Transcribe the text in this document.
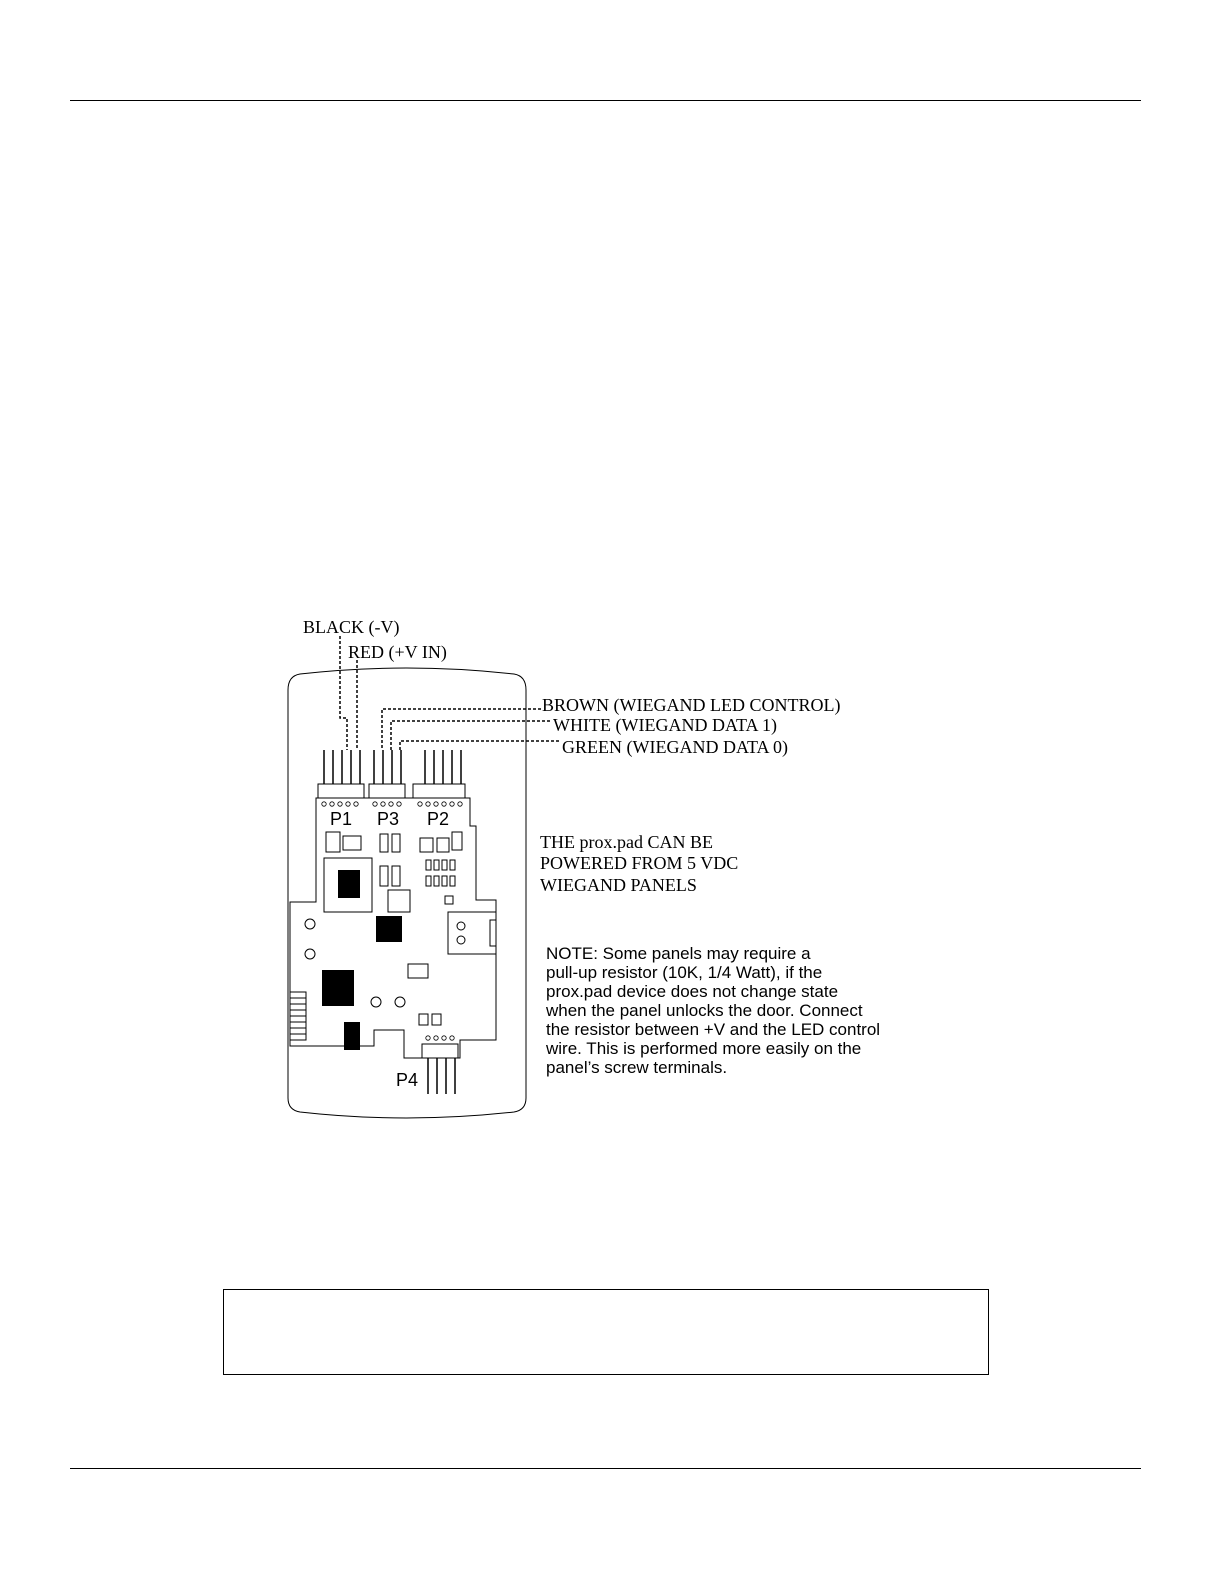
BLACK (-V)
RED (+V IN)
BROWN (WIEGAND LED CONTROL)
WHITE (WIEGAND DATA 1)
GREEN (WIEGAND DATA 0)
P1 P3 P2
P4
THE prox.pad CAN BE
POWERED FROM 5 VDC
WIEGAND PANELS
NOTE: Some panels may require a
pull-up resistor (10K, 1/4 Watt), if the
prox.pad device does not change state
when the panel unlocks the door. Connect
the resistor between +V and the LED control
wire. This is performed more easily on the
panel’s screw terminals.
